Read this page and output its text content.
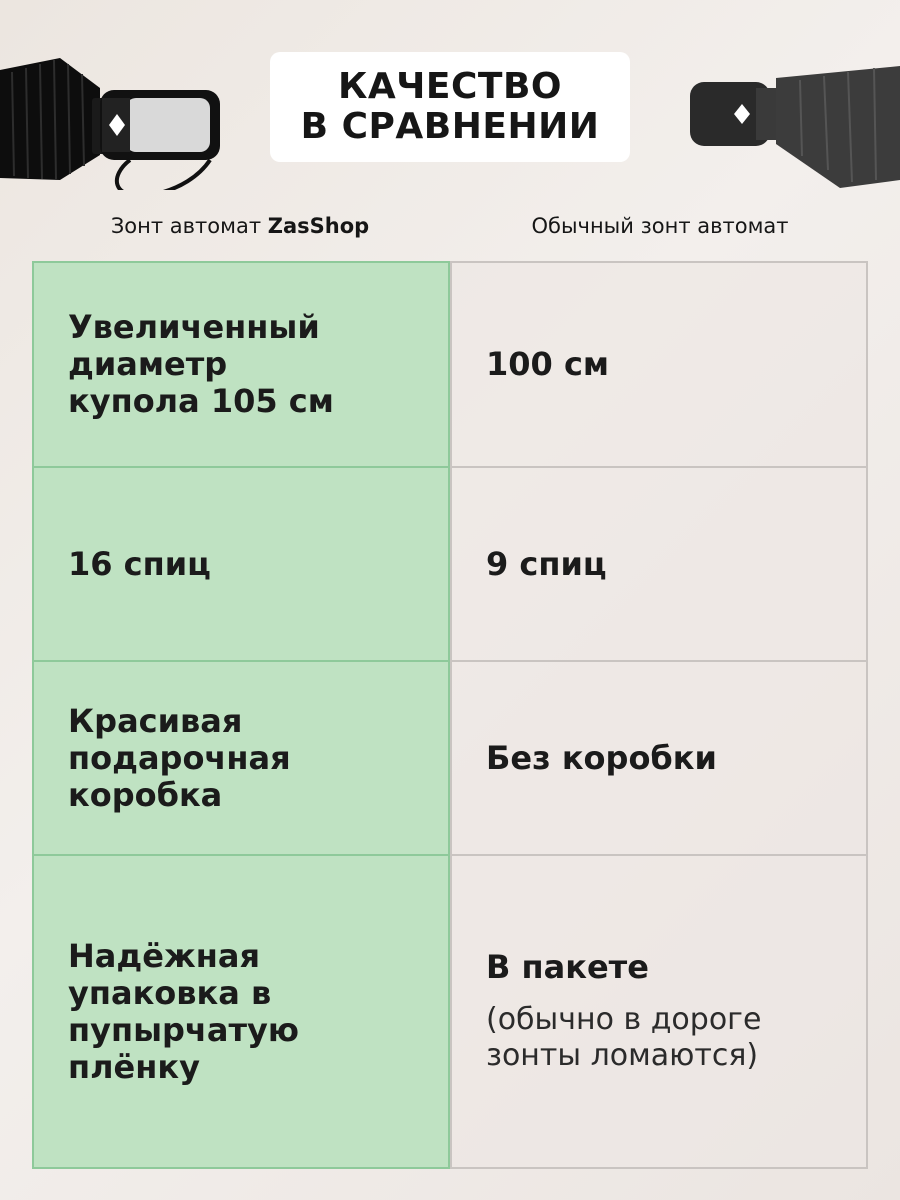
КАЧЕСТВО
В СРАВНЕНИИ
Зонт автомат ZasShop	Обычный зонт автомат
Увеличенный
диаметр
купола 105 см
100 см
16 спиц	9 спиц
Красивая
подарочная
коробка
Без коробки
Надёжная
упаковка в
пупырчатую
плёнку
В пакете
(обычно в дороге
зонты ломаются)
